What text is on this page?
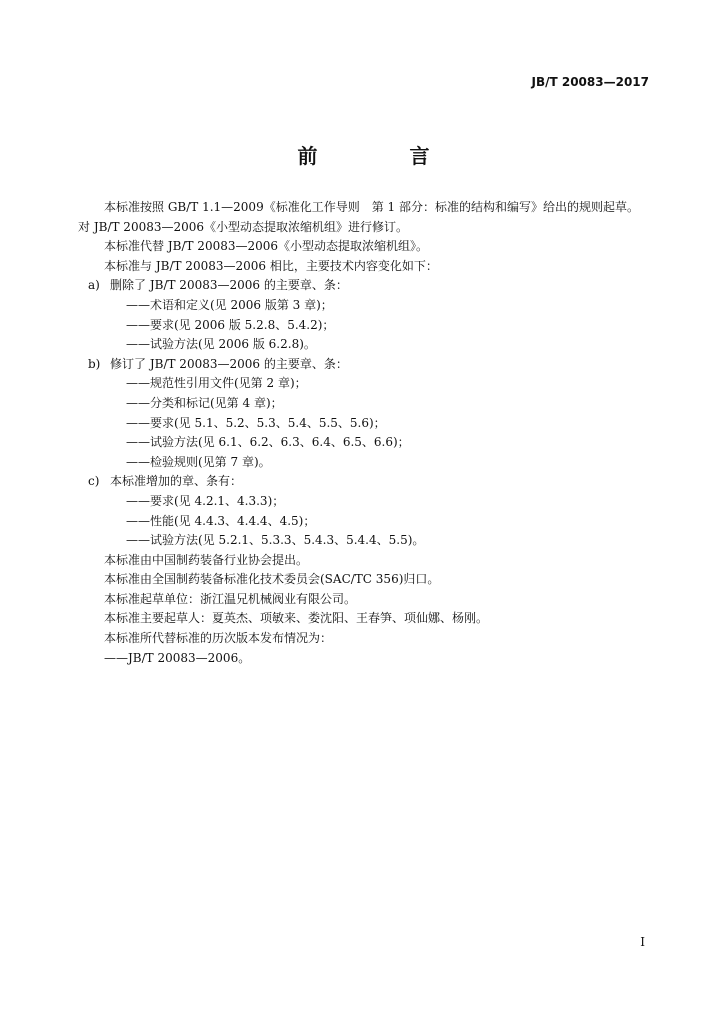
JB/T 20083—2017
前　言

本标准按照 GB/T 1.1—2009《标准化工作导则　第 1 部分：标准的结构和编写》给出的规则起草。

对 JB/T 20083—2006《小型动态提取浓缩机组》进行修订。

本标准代替 JB/T 20083—2006《小型动态提取浓缩机组》。

本标准与 JB/T 20083—2006 相比，主要技术内容变化如下：

a) 删除了 JB/T 20083—2006 的主要章、条：

——术语和定义(见 2006 版第 3 章)；

——要求(见 2006 版 5.2.8、5.4.2)；

——试验方法(见 2006 版 6.2.8)。

b) 修订了 JB/T 20083—2006 的主要章、条：

——规范性引用文件(见第 2 章)；

——分类和标记(见第 4 章)；

——要求(见 5.1、5.2、5.3、5.4、5.5、5.6)；

——试验方法(见 6.1、6.2、6.3、6.4、6.5、6.6)；

——检验规则(见第 7 章)。

c) 本标准增加的章、条有：

——要求(见 4.2.1、4.3.3)；

——性能(见 4.4.3、4.4.4、4.5)；

——试验方法(见 5.2.1、5.3.3、5.4.3、5.4.4、5.5)。

本标准由中国制药装备行业协会提出。

本标准由全国制药装备标准化技术委员会(SAC/TC 356)归口。

本标准起草单位：浙江温兄机械阀业有限公司。

本标准主要起草人：夏英杰、项敏来、娄沈阳、王春笋、项仙娜、杨刚。

本标准所代替标准的历次版本发布情况为：

——JB/T 20083—2006。

I
